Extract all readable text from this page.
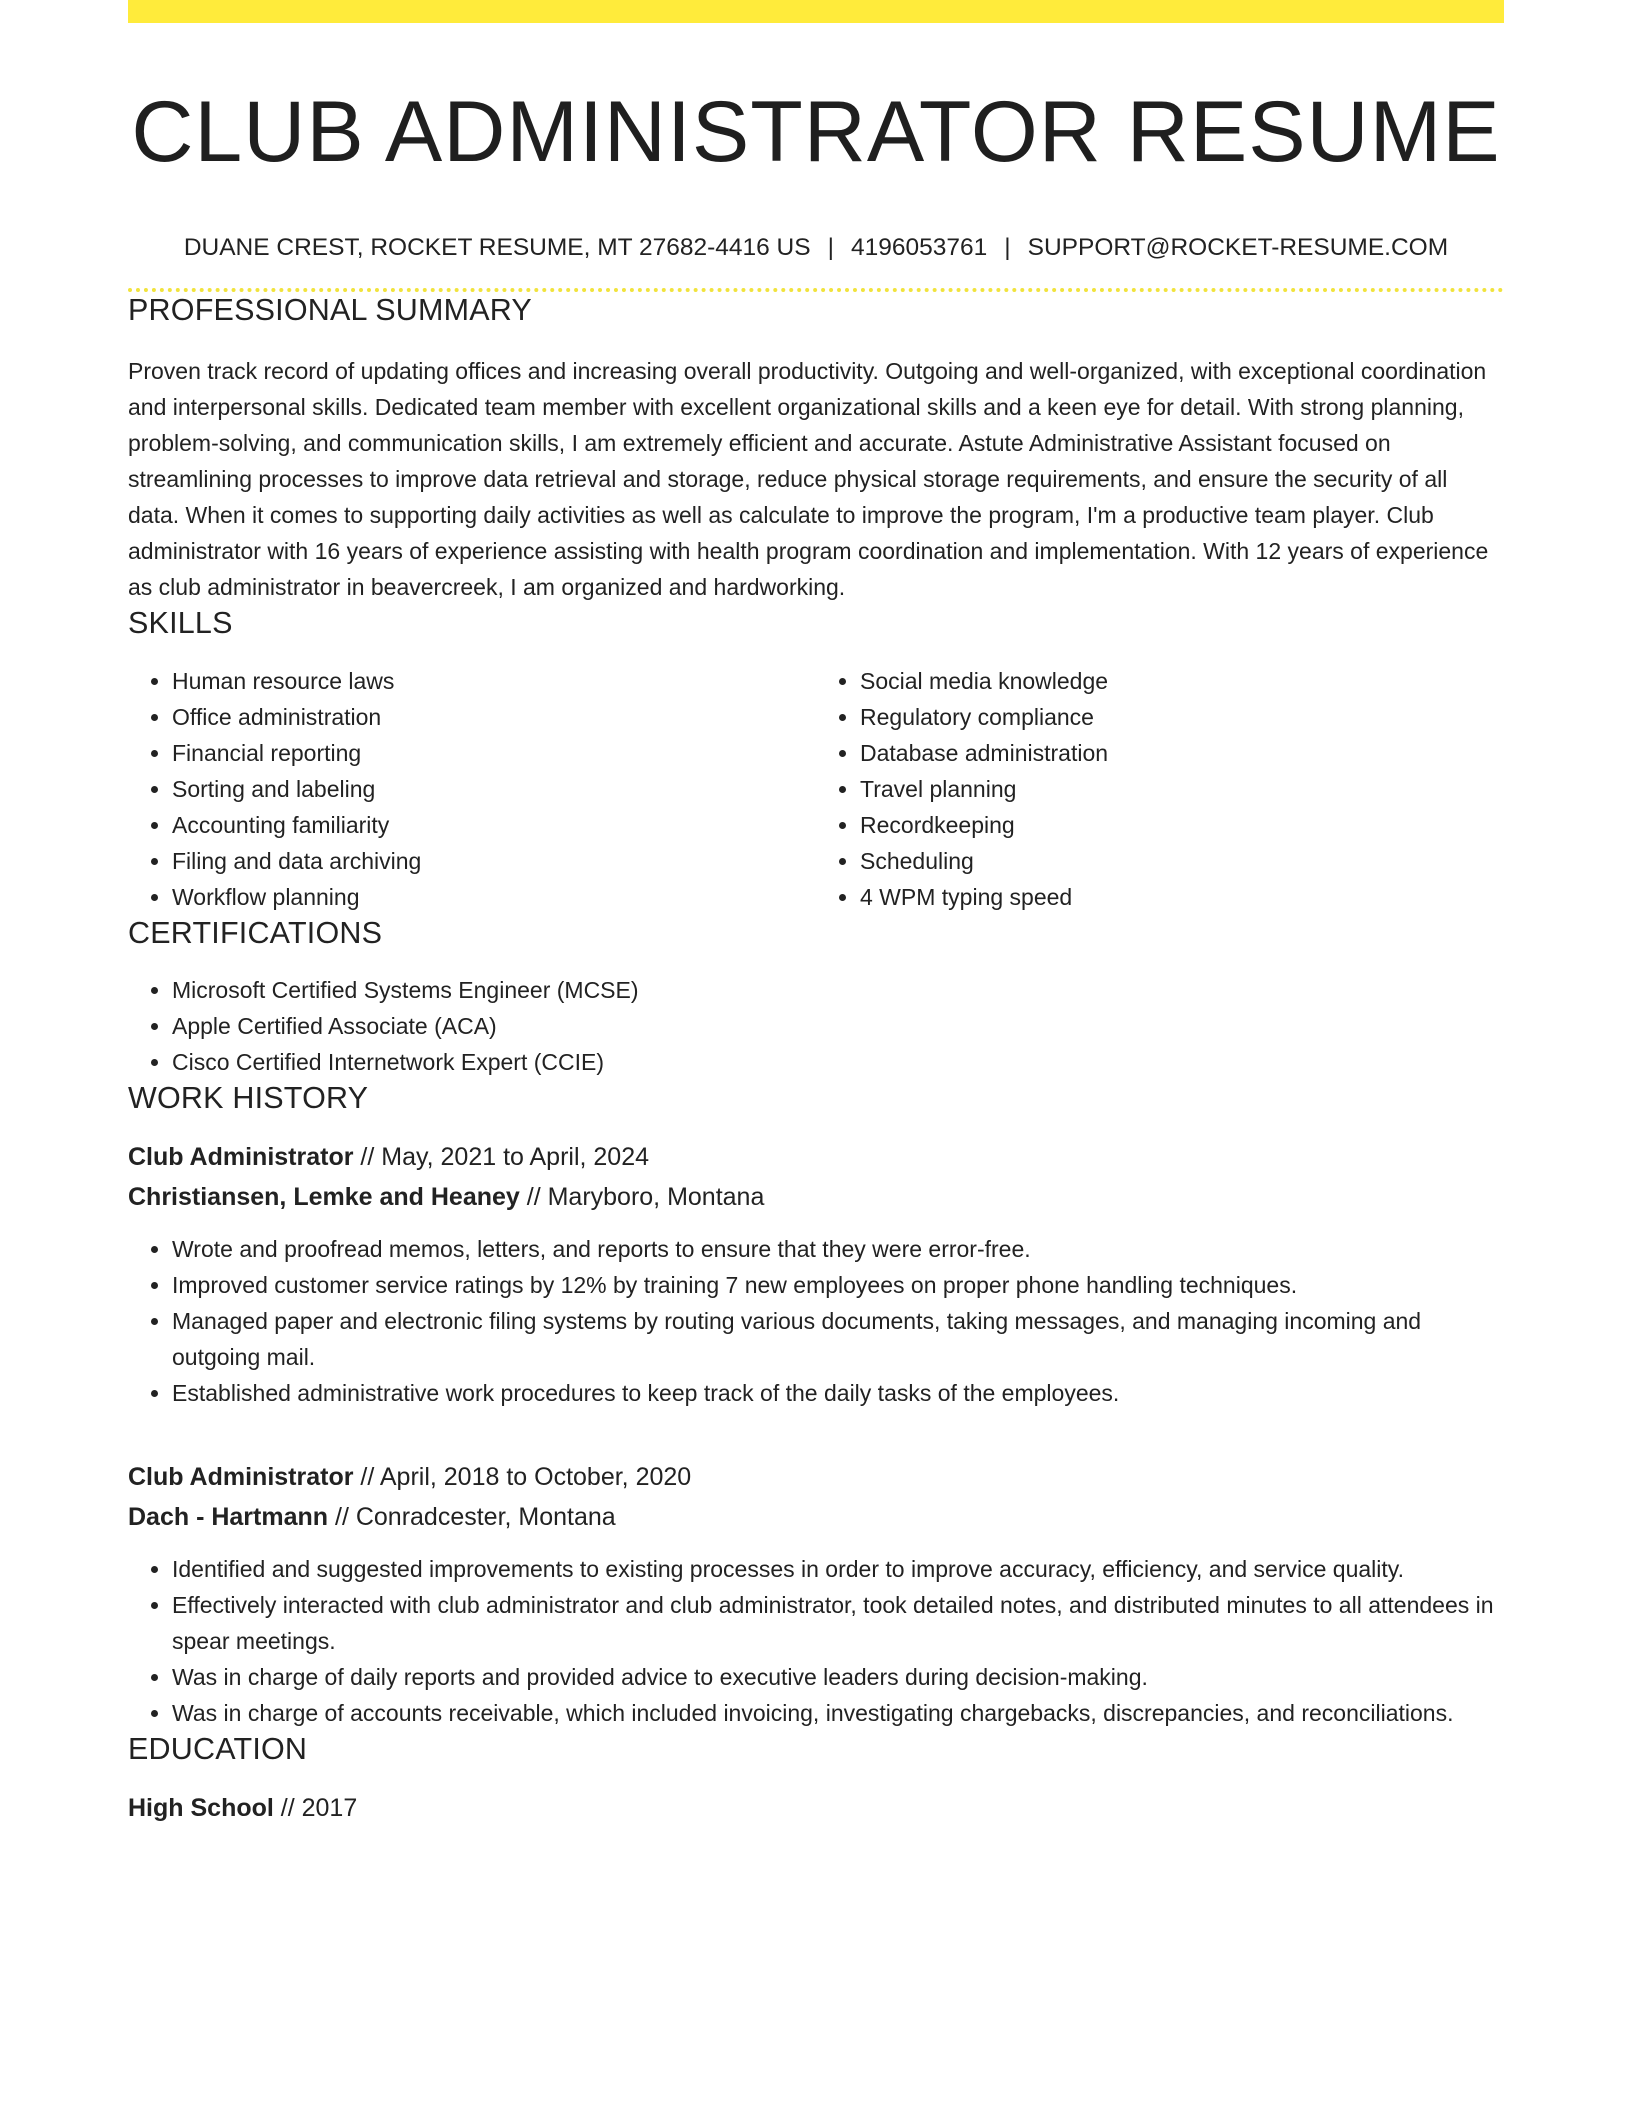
CLUB ADMINISTRATOR RESUME
DUANE CREST, ROCKET RESUME, MT 27682-4416 US | 4196053761 | SUPPORT@ROCKET-RESUME.COM
PROFESSIONAL SUMMARY

Proven track record of updating offices and increasing overall productivity. Outgoing and well-organized, with exceptional coordination and interpersonal skills. Dedicated team member with excellent organizational skills and a keen eye for detail. With strong planning, problem-solving, and communication skills, I am extremely efficient and accurate. Astute Administrative Assistant focused on streamlining processes to improve data retrieval and storage, reduce physical storage requirements, and ensure the security of all data. When it comes to supporting daily activities as well as calculate to improve the program, I'm a productive team player. Club administrator with 16 years of experience assisting with health program coordination and implementation. With 12 years of experience as club administrator in beavercreek, I am organized and hardworking.

SKILLS
• Human resource laws
• Office administration
• Financial reporting
• Sorting and labeling
• Accounting familiarity
• Filing and data archiving
• Workflow planning
• Social media knowledge
• Regulatory compliance
• Database administration
• Travel planning
• Recordkeeping
• Scheduling
• 4 WPM typing speed
CERTIFICATIONS
• Microsoft Certified Systems Engineer (MCSE)
• Apple Certified Associate (ACA)
• Cisco Certified Internetwork Expert (CCIE)
WORK HISTORY
Club Administrator // May, 2021 to April, 2024
Christiansen, Lemke and Heaney // Maryboro, Montana
• Wrote and proofread memos, letters, and reports to ensure that they were error-free.
• Improved customer service ratings by 12% by training 7 new employees on proper phone handling techniques.
• Managed paper and electronic filing systems by routing various documents, taking messages, and managing incoming and outgoing mail.
• Established administrative work procedures to keep track of the daily tasks of the employees.
Club Administrator // April, 2018 to October, 2020
Dach - Hartmann // Conradcester, Montana
• Identified and suggested improvements to existing processes in order to improve accuracy, efficiency, and service quality.
• Effectively interacted with club administrator and club administrator, took detailed notes, and distributed minutes to all attendees in spear meetings.
• Was in charge of daily reports and provided advice to executive leaders during decision-making.
• Was in charge of accounts receivable, which included invoicing, investigating chargebacks, discrepancies, and reconciliations.
EDUCATION
High School // 2017
